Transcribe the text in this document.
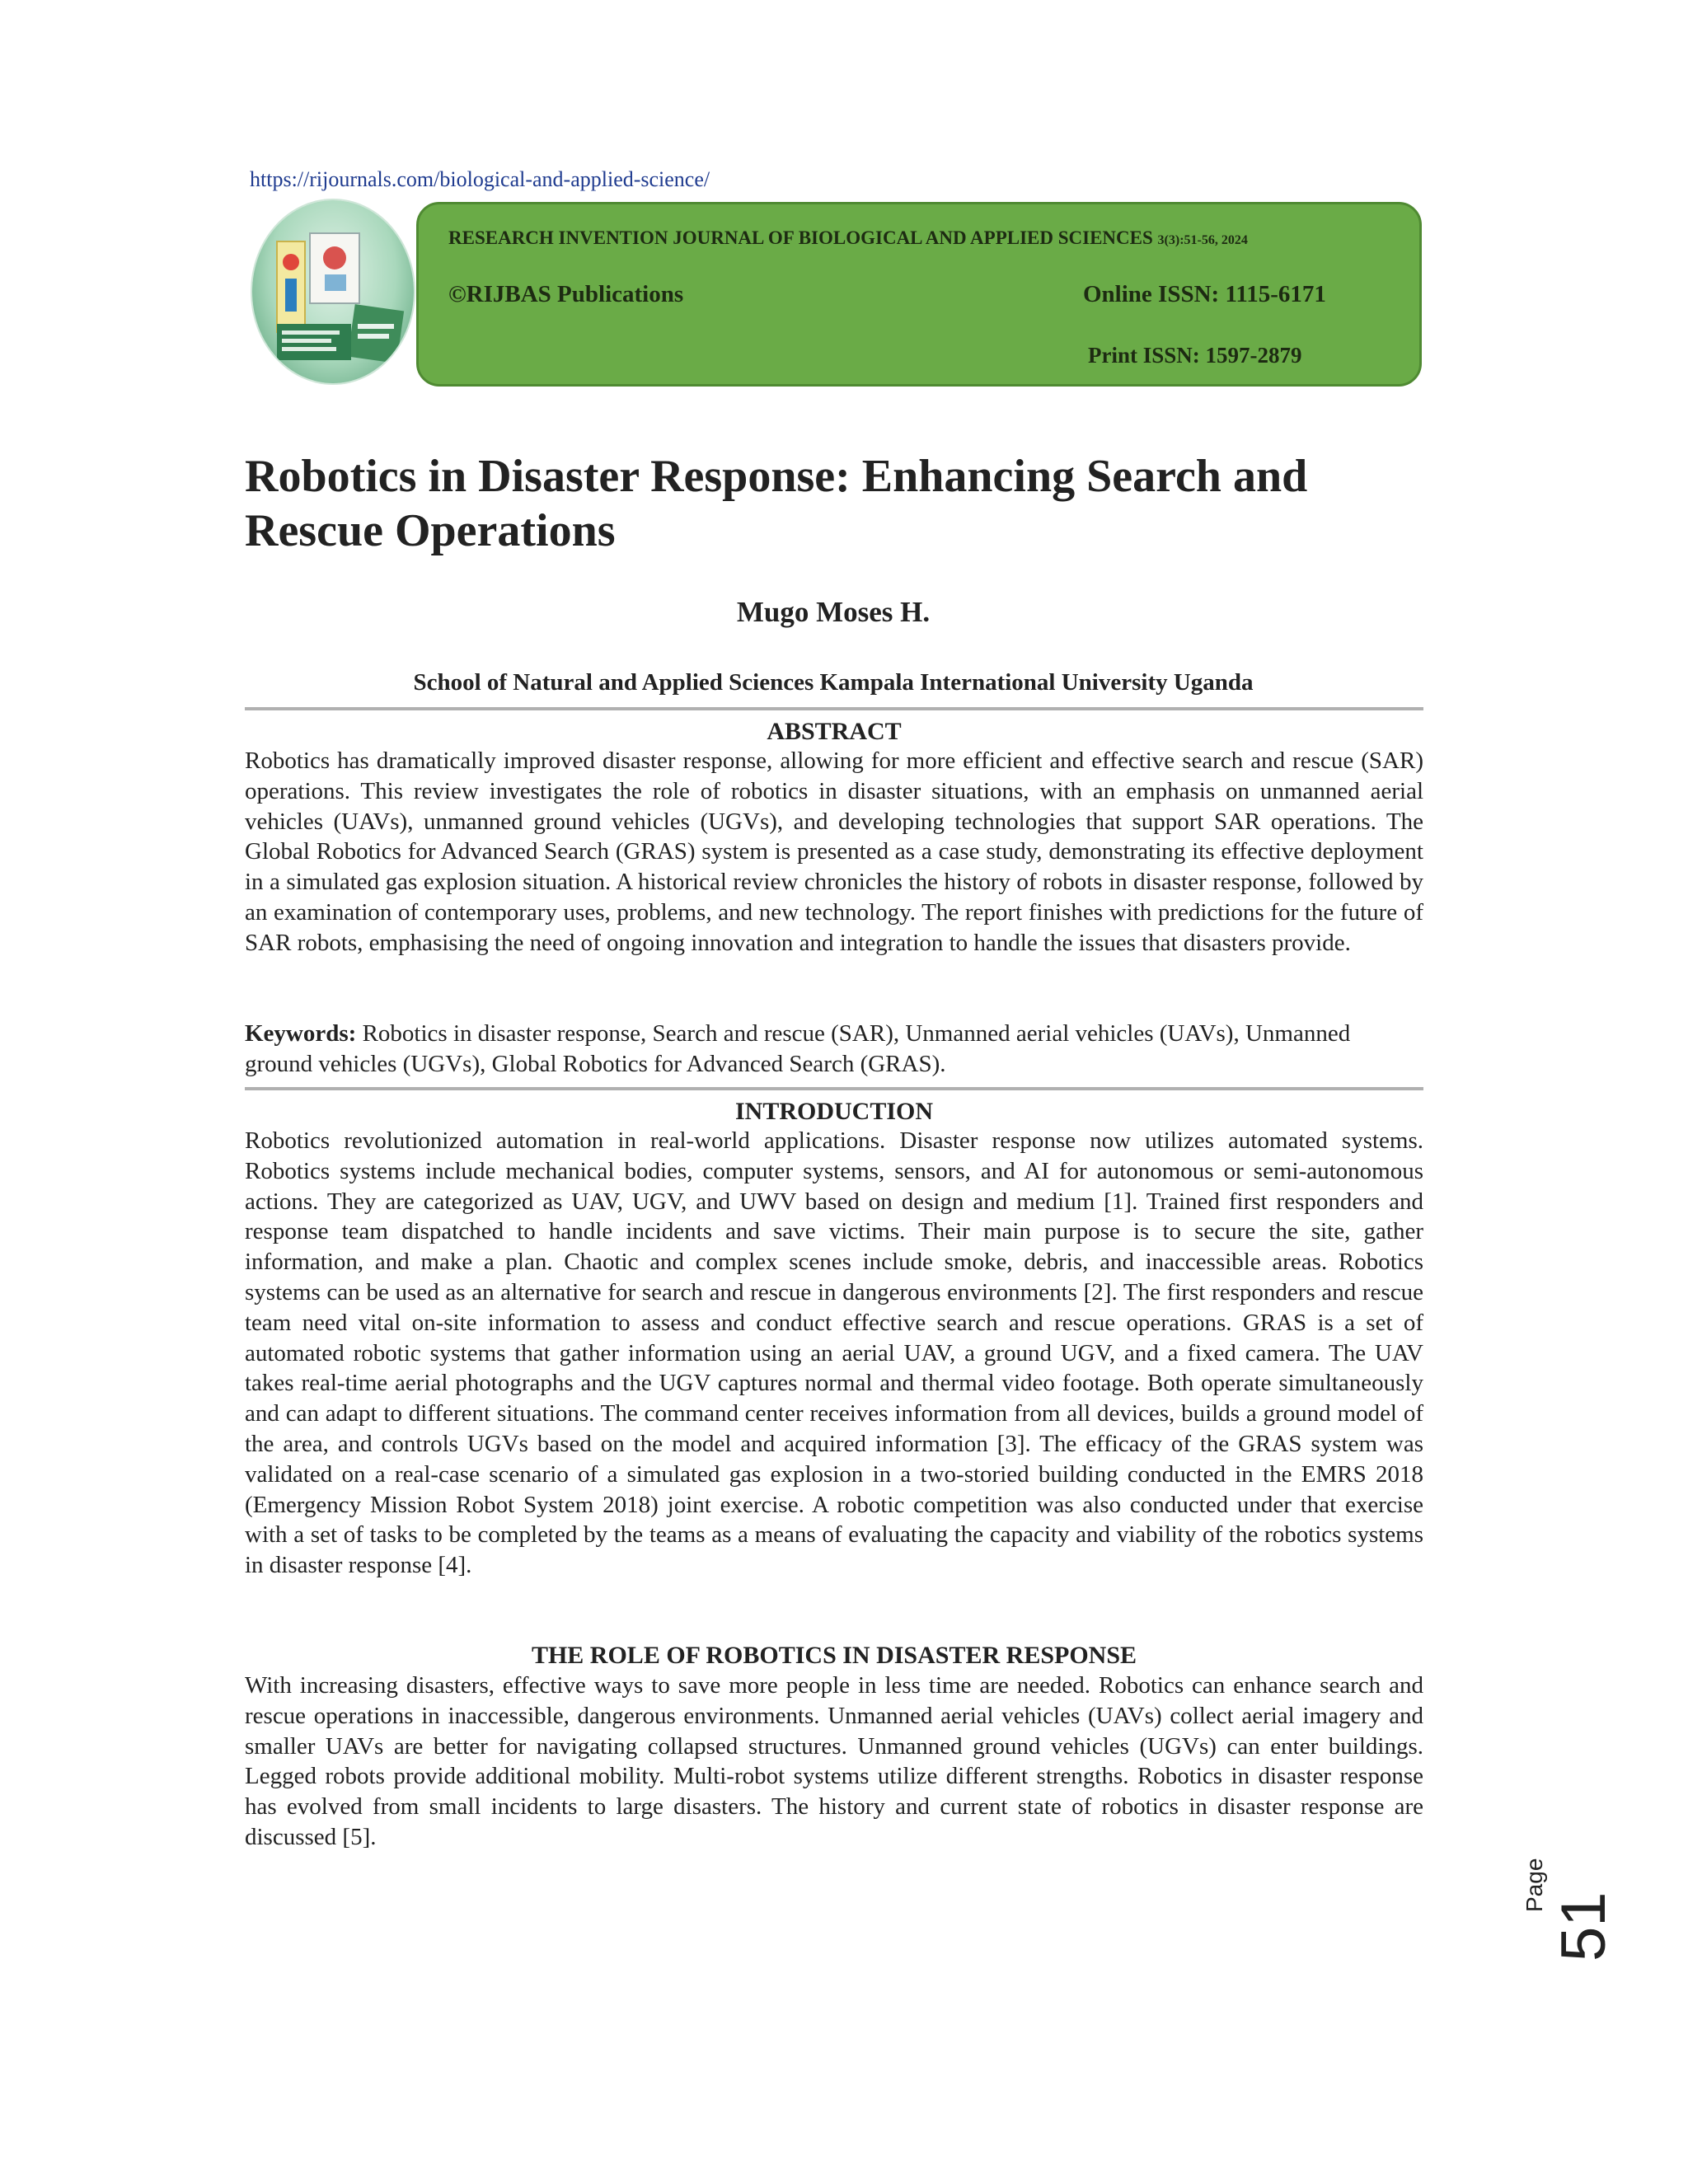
https://rijournals.com/biological-and-applied-science/
RESEARCH INVENTION JOURNAL OF BIOLOGICAL AND APPLIED SCIENCES 3(3):51-56, 2024
©RIJBAS Publications	Online ISSN: 1115-6171
Print ISSN: 1597-2879
Robotics in Disaster Response: Enhancing Search and Rescue Operations
Mugo Moses H.
School of Natural and Applied Sciences Kampala International University Uganda
ABSTRACT
Robotics has dramatically improved disaster response, allowing for more efficient and effective search and rescue (SAR) operations. This review investigates the role of robotics in disaster situations, with an emphasis on unmanned aerial vehicles (UAVs), unmanned ground vehicles (UGVs), and developing technologies that support SAR operations. The Global Robotics for Advanced Search (GRAS) system is presented as a case study, demonstrating its effective deployment in a simulated gas explosion situation. A historical review chronicles the history of robots in disaster response, followed by an examination of contemporary uses, problems, and new technology. The report finishes with predictions for the future of SAR robots, emphasising the need of ongoing innovation and integration to handle the issues that disasters provide.
Keywords: Robotics in disaster response, Search and rescue (SAR), Unmanned aerial vehicles (UAVs), Unmanned ground vehicles (UGVs), Global Robotics for Advanced Search (GRAS).
INTRODUCTION
Robotics revolutionized automation in real-world applications. Disaster response now utilizes automated systems. Robotics systems include mechanical bodies, computer systems, sensors, and AI for autonomous or semi-autonomous actions. They are categorized as UAV, UGV, and UWV based on design and medium [1]. Trained first responders and response team dispatched to handle incidents and save victims. Their main purpose is to secure the site, gather information, and make a plan. Chaotic and complex scenes include smoke, debris, and inaccessible areas. Robotics systems can be used as an alternative for search and rescue in dangerous environments [2]. The first responders and rescue team need vital on-site information to assess and conduct effective search and rescue operations. GRAS is a set of automated robotic systems that gather information using an aerial UAV, a ground UGV, and a fixed camera. The UAV takes real-time aerial photographs and the UGV captures normal and thermal video footage. Both operate simultaneously and can adapt to different situations. The command center receives information from all devices, builds a ground model of the area, and controls UGVs based on the model and acquired information [3]. The efficacy of the GRAS system was validated on a real-case scenario of a simulated gas explosion in a two-storied building conducted in the EMRS 2018 (Emergency Mission Robot System 2018) joint exercise. A robotic competition was also conducted under that exercise with a set of tasks to be completed by the teams as a means of evaluating the capacity and viability of the robotics systems in disaster response [4].
THE ROLE OF ROBOTICS IN DISASTER RESPONSE
With increasing disasters, effective ways to save more people in less time are needed. Robotics can enhance search and rescue operations in inaccessible, dangerous environments. Unmanned aerial vehicles (UAVs) collect aerial imagery and smaller UAVs are better for navigating collapsed structures. Unmanned ground vehicles (UGVs) can enter buildings. Legged robots provide additional mobility. Multi-robot systems utilize different strengths. Robotics in disaster response has evolved from small incidents to large disasters. The history and current state of robotics in disaster response are discussed [5].
Page
51
